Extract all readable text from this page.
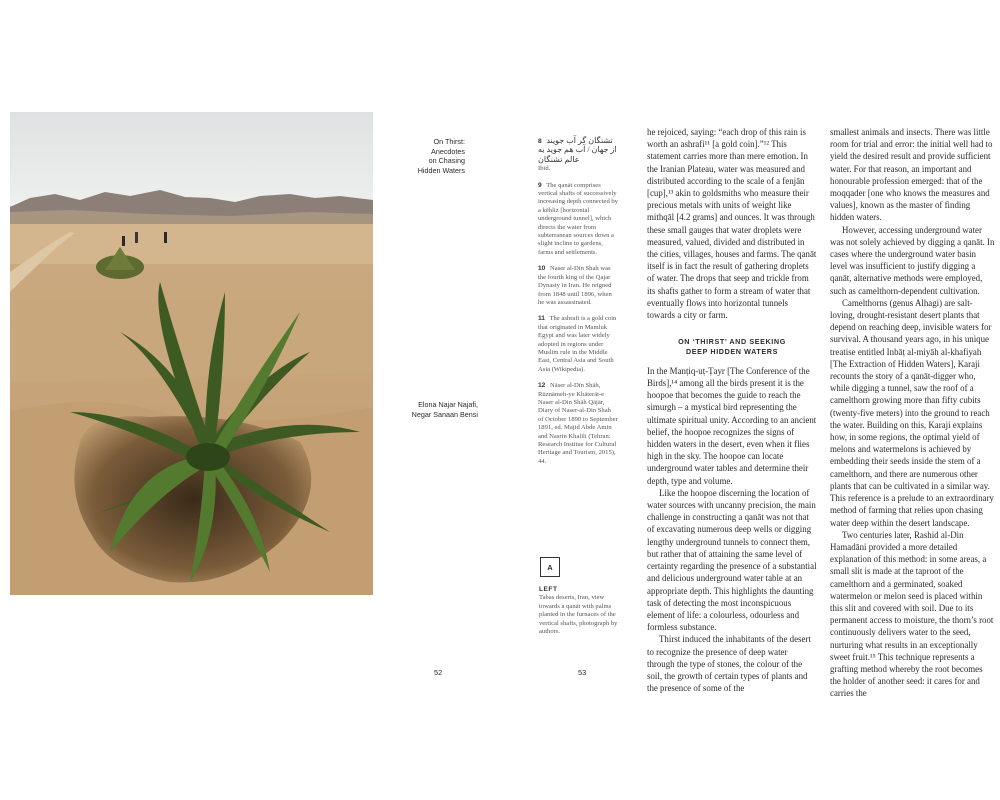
On Thirst:
Anecdotes
on Chasing
Hidden Waters
Elona Najar Najafi,
Negar Sanaan Bensi
52	53
8 تشنگان گر آب جویند از جهان / آب هم جوید به عالم تشنگان
Ibid.
9 The qanāt comprises vertical shafts of successively increasing depth connected by a kĕhliz [horizontal underground tunnel], which directs the water from subterranean sources down a slight incline to gardens, farms and settlements.
10 Naser al-Din Shah was the fourth king of the Qajar Dynasty in Iran. He reigned from 1848 until 1896, when he was assassinated.
11 The ashrafi is a gold coin that originated in Mamluk Egypt and was later widely adopted in regions under Muslim rule in the Middle East, Central Asia and South Asia (Wikipedia).
12 Nāser al-Dīn Shāh, Rūznāmeh-ye Khāterāt-e Naser al-Din Shāh Qājār, Diary of Naser-al-Din Shah of October 1890 to September 1891, ed. Majid Abde Amin and Nasrin Khalili (Tehran: Research Institue for Cultural Heritage and Tourism, 2015), 44.
A
LEFT
Tabas deserts, Iran, view towards a qanāt with palms planted in the furnaces of the vertical shafts, photograph by authors.

he rejoiced, saying: “each drop of this rain is worth an ashrafi¹¹ [a gold coin].”¹² This statement carries more than mere emotion. In the Iranian Plateau, water was measured and distributed according to the scale of a fenjān [cup],¹³ akin to goldsmiths who measure their precious metals with units of weight like mithqāl [4.2 grams] and ounces. It was through these small gauges that water droplets were measured, valued, divided and distributed in the cities, villages, houses and farms. The qanāt itself is in fact the result of gathering droplets of water. The drops that seep and trickle from its shafts gather to form a stream of water that eventually flows into horizontal tunnels towards a city or farm.

ON ‘THIRST’ AND SEEKING
DEEP HIDDEN WATERS

In the Manṭiq-uṭ-Ṭayr [The Conference of the Birds],¹⁴ among all the birds present it is the hoopoe that becomes the guide to reach the simurgh – a mystical bird representing the ultimate spiritual unity. According to an ancient belief, the hoopoe recognizes the signs of hidden waters in the desert, even when it flies high in the sky. The hoopoe can locate underground water tables and determine their depth, type and volume.

Like the hoopoe discerning the location of water sources with uncanny precision, the main challenge in constructing a qanāt was not that of excavating numerous deep wells or digging lengthy underground tunnels to connect them, but rather that of attaining the same level of certainty regarding the presence of a substantial and delicious underground water table at an appropriate depth. This highlights the daunting task of detecting the most inconspicuous element of life: a colourless, odourless and formless substance.

Thirst induced the inhabitants of the desert to recognize the presence of deep water through the type of stones, the colour of the soil, the growth of certain types of plants and the presence of some of the

smallest animals and insects. There was little room for trial and error: the initial well had to yield the desired result and provide sufficient water. For that reason, an important and honourable profession emerged: that of the moqqader [one who knows the measures and values], known as the master of finding hidden waters.

However, accessing underground water was not solely achieved by digging a qanāt. In cases where the underground water basin level was insufficient to justify digging a qanāt, alternative methods were employed, such as camelthorn-dependent cultivation.

Camelthorns (genus Alhagi) are salt-loving, drought-resistant desert plants that depend on reaching deep, invisible waters for survival. A thousand years ago, in his unique treatise entitled Inbāṭ al-miyāh al-khafiyah [The Extraction of Hidden Waters], Karaji recounts the story of a qanāt-digger who, while digging a tunnel, saw the roof of a camelthorn growing more than fifty cubits (twenty-five meters) into the ground to reach the water. Building on this, Karaji explains how, in some regions, the optimal yield of melons and watermelons is achieved by embedding their seeds inside the stem of a camelthorn, and there are numerous other plants that can be cultivated in a similar way. This reference is a prelude to an extraordinary method of farming that relies upon chasing water deep within the desert landscape.

Two centuries later, Rashid al-Din Hamadāni provided a more detailed explanation of this method: in some areas, a small slit is made at the taproot of the camelthorn and a germinated, soaked watermelon or melon seed is placed within this slit and covered with soil. Due to its permanent access to moisture, the thorn’s root continuously delivers water to the seed, nurturing what results in an exceptionally sweet fruit.¹⁵ This technique represents a grafting method whereby the root becomes the holder of another seed: it cares for and carries the
